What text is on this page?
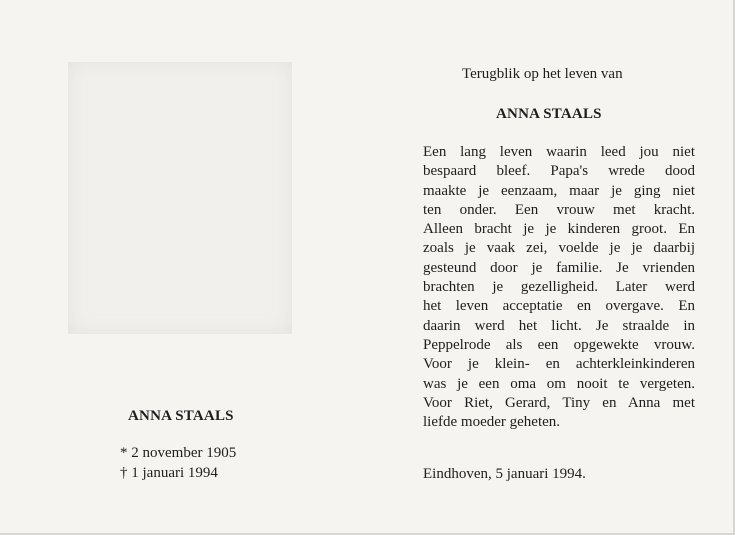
ANNA STAALS
* 2 november 1905
† 1 januari 1994
Terugblik op het leven van
ANNA STAALS
Een lang leven waarin leed jou niet
bespaard bleef. Papa's wrede dood
maakte je eenzaam, maar je ging niet
ten onder. Een vrouw met kracht.
Alleen bracht je je kinderen groot. En
zoals je vaak zei, voelde je je daarbij
gesteund door je familie. Je vrienden
brachten je gezelligheid. Later werd
het leven acceptatie en overgave. En
daarin werd het licht. Je straalde in
Peppelrode als een opgewekte vrouw.
Voor je klein- en achterkleinkinderen
was je een oma om nooit te vergeten.
Voor Riet, Gerard, Tiny en Anna met
liefde moeder geheten.
Eindhoven, 5 januari 1994.
